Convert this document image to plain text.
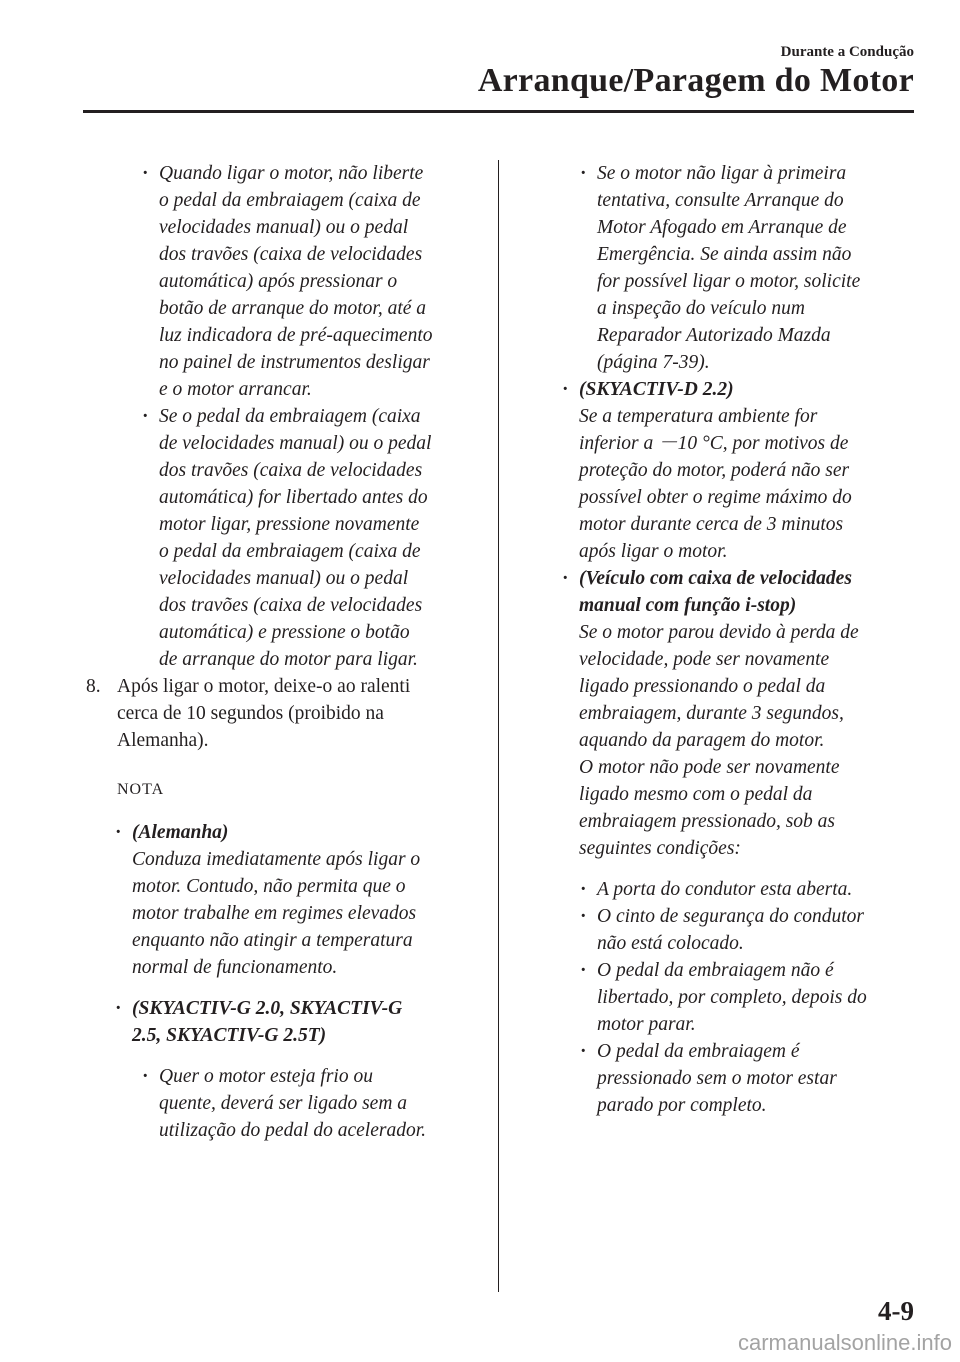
Durante a Condução
Arranque/Paragem do Motor
· Quando ligar o motor, não liberte
o pedal da embraiagem (caixa de
velocidades manual) ou o pedal
dos travões (caixa de velocidades
automática) após pressionar o
botão de arranque do motor, até a
luz indicadora de pré-aquecimento
no painel de instrumentos desligar
e o motor arrancar.
· Se o pedal da embraiagem (caixa
de velocidades manual) ou o pedal
dos travões (caixa de velocidades
automática) for libertado antes do
motor ligar, pressione novamente
o pedal da embraiagem (caixa de
velocidades manual) ou o pedal
dos travões (caixa de velocidades
automática) e pressione o botão
de arranque do motor para ligar.
8. Após ligar o motor, deixe-o ao ralenti
cerca de 10 segundos (proibido na
Alemanha).
NOTA
· (Alemanha)
Conduza imediatamente após ligar o
motor. Contudo, não permita que o
motor trabalhe em regimes elevados
enquanto não atingir a temperatura
normal de funcionamento.
· (SKYACTIV-G 2.0, SKYACTIV-G
2.5, SKYACTIV-G 2.5T)
· Quer o motor esteja frio ou
quente, deverá ser ligado sem a
utilização do pedal do acelerador.
· Se o motor não ligar à primeira
tentativa, consulte Arranque do
Motor Afogado em Arranque de
Emergência. Se ainda assim não
for possível ligar o motor, solicite
a inspeção do veículo num
Reparador Autorizado Mazda
(página 7-39).
· (SKYACTIV-D 2.2)
Se a temperatura ambiente for
inferior a －10 °C, por motivos de
proteção do motor, poderá não ser
possível obter o regime máximo do
motor durante cerca de 3 minutos
após ligar o motor.
· (Veículo com caixa de velocidades
manual com função i-stop)
Se o motor parou devido à perda de
velocidade, pode ser novamente
ligado pressionando o pedal da
embraiagem, durante 3 segundos,
aquando da paragem do motor.
O motor não pode ser novamente
ligado mesmo com o pedal da
embraiagem pressionado, sob as
seguintes condições:
· A porta do condutor esta aberta.
· O cinto de segurança do condutor
não está colocado.
· O pedal da embraiagem não é
libertado, por completo, depois do
motor parar.
· O pedal da embraiagem é
pressionado sem o motor estar
parado por completo.
4-9
carmanualsonline.info
